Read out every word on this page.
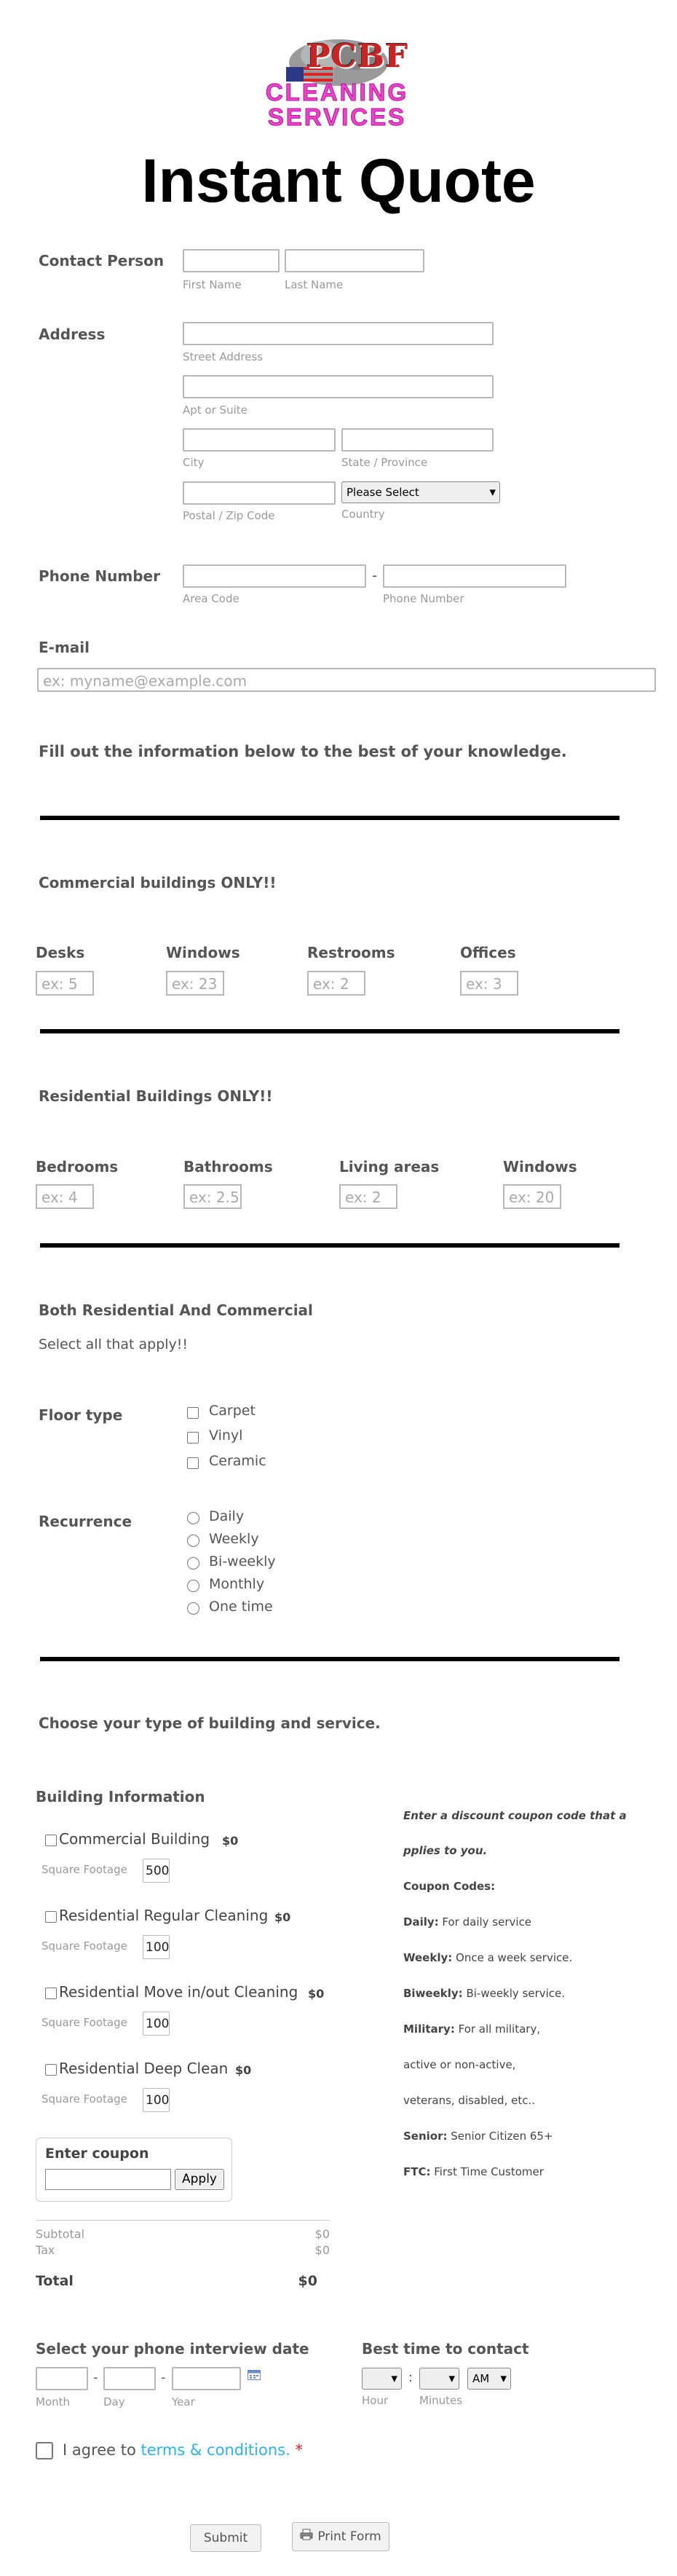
PCBF
CLEANING
SERVICES
Instant Quote
Contact Person
First Name	Last Name
Address
Street Address
Apt or Suite
City	State / Province
Postal / Zip Code
Please Select	▼
Country
Phone Number	-
Area Code	Phone Number
E-mail
ex: myname@example.com
Fill out the information below to the best of your knowledge.
Commercial buildings ONLY!!
Desks
ex: 5
Windows
ex: 23
Restrooms
ex: 2
Offices
ex: 3
Residential Buildings ONLY!!
Bedrooms
ex: 4
Bathrooms
ex: 2.5
Living areas
ex: 2
Windows
ex: 20
Both Residential And Commercial
Select all that apply!!
Floor type	Carpet
Vinyl
Ceramic
Recurrence	Daily
Weekly
Bi-weekly
Monthly
One time
Choose your type of building and service.
Building Information
Commercial Building $0
Square Footage 500
Residential Regular Cleaning $0
Square Footage 100
Residential Move in/out Cleaning $0
Square Footage 100
Residential Deep Clean $0
Square Footage 100
Enter coupon
Apply
Subtotal	$0
Tax	$0
Total	$0
Enter a discount coupon code that a
pplies to you.
Coupon Codes:
Daily: For daily service
Weekly: Once a week service.
Biweekly: Bi-weekly service.
Military: For all military,
active or non-active,
veterans, disabled, etc..
Senior: Senior Citizen 65+
FTC: First Time Customer
Select your phone interview date
-	-
Month	Day	Year
Best time to contact
▼ :	▼ AM ▼
Hour	Minutes
I agree to terms & conditions. *
Submit	Print Form
